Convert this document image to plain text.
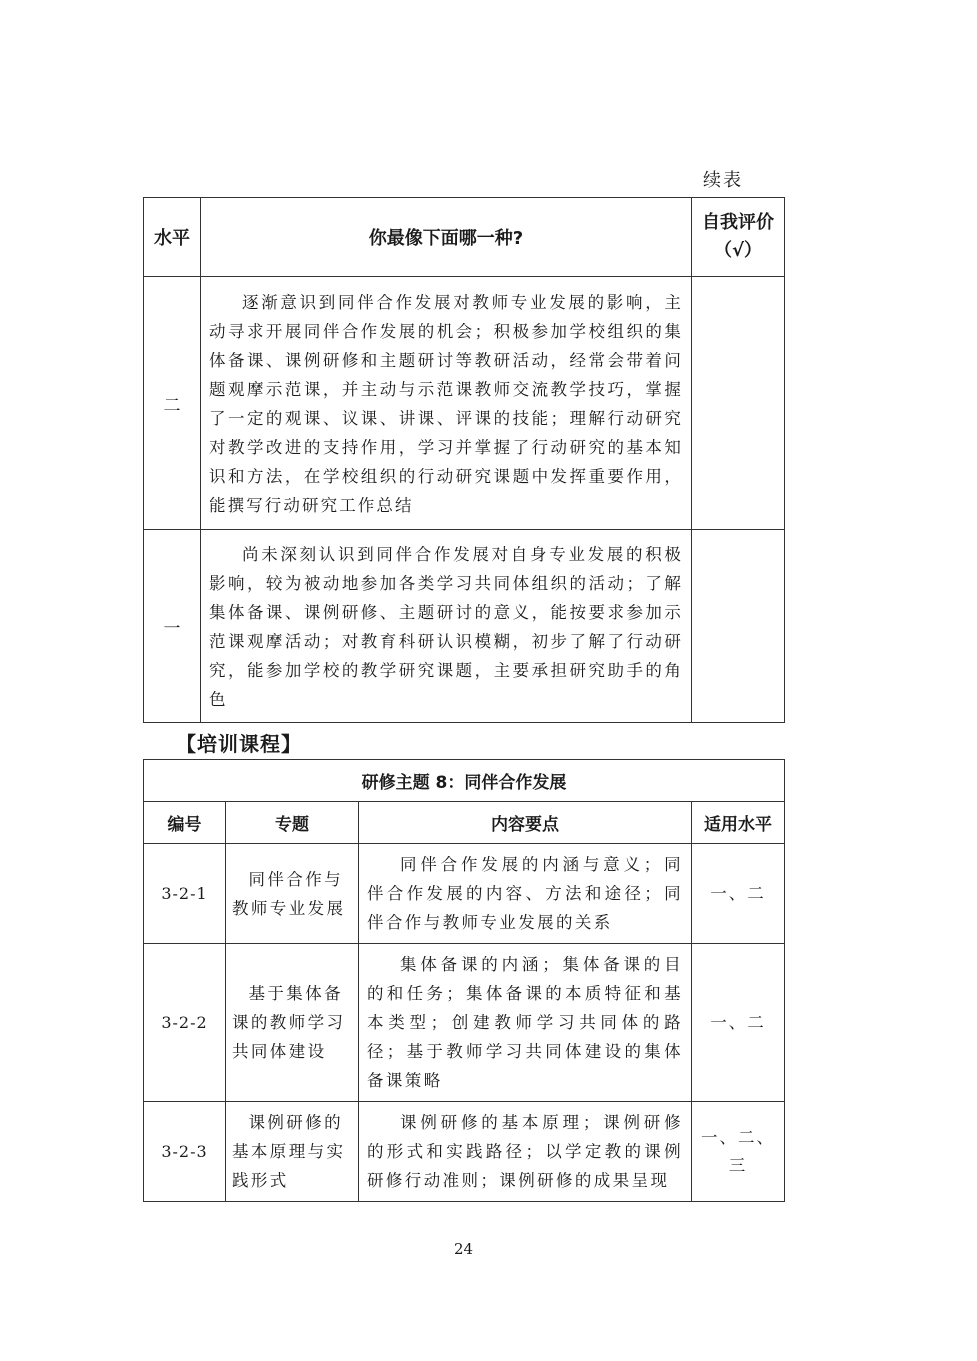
续表
水平	你最像下面哪一种?	自我评价
（√）

二	逐渐意识到同伴合作发展对教师专业发展的影响，主动寻求开展同伴合作发展的机会；积极参加学校组织的集体备课、课例研修和主题研讨等教研活动，经常会带着问题观摩示范课，并主动与示范课教师交流教学技巧，掌握了一定的观课、议课、讲课、评课的技能；理解行动研究对教学改进的支持作用，学习并掌握了行动研究的基本知识和方法，在学校组织的行动研究课题中发挥重要作用，能撰写行动研究工作总结	
一	尚未深刻认识到同伴合作发展对自身专业发展的积极影响，较为被动地参加各类学习共同体组织的活动；了解集体备课、课例研修、主题研讨的意义，能按要求参加示范课观摩活动；对教育科研认识模糊，初步了解了行动研究，能参加学校的教学研究课题，主要承担研究助手的角色	
【培训课程】
研修主题 8：同伴合作发展			
编号	专题	内容要点	适用水平
3-2-1	同伴合作与教师专业发展	同伴合作发展的内涵与意义；同伴合作发展的内容、方法和途径；同伴合作与教师专业发展的关系	一、二
3-2-2	基于集体备课的教师学习共同体建设	集体备课的内涵；集体备课的目的和任务；集体备课的本质特征和基本类型；创建教师学习共同体的路径；基于教师学习共同体建设的集体备课策略	一、二
3-2-3	课例研修的基本原理与实践形式	课例研修的基本原理；课例研修的形式和实践路径；以学定教的课例研修行动准则；课例研修的成果呈现	一、二、三
24
